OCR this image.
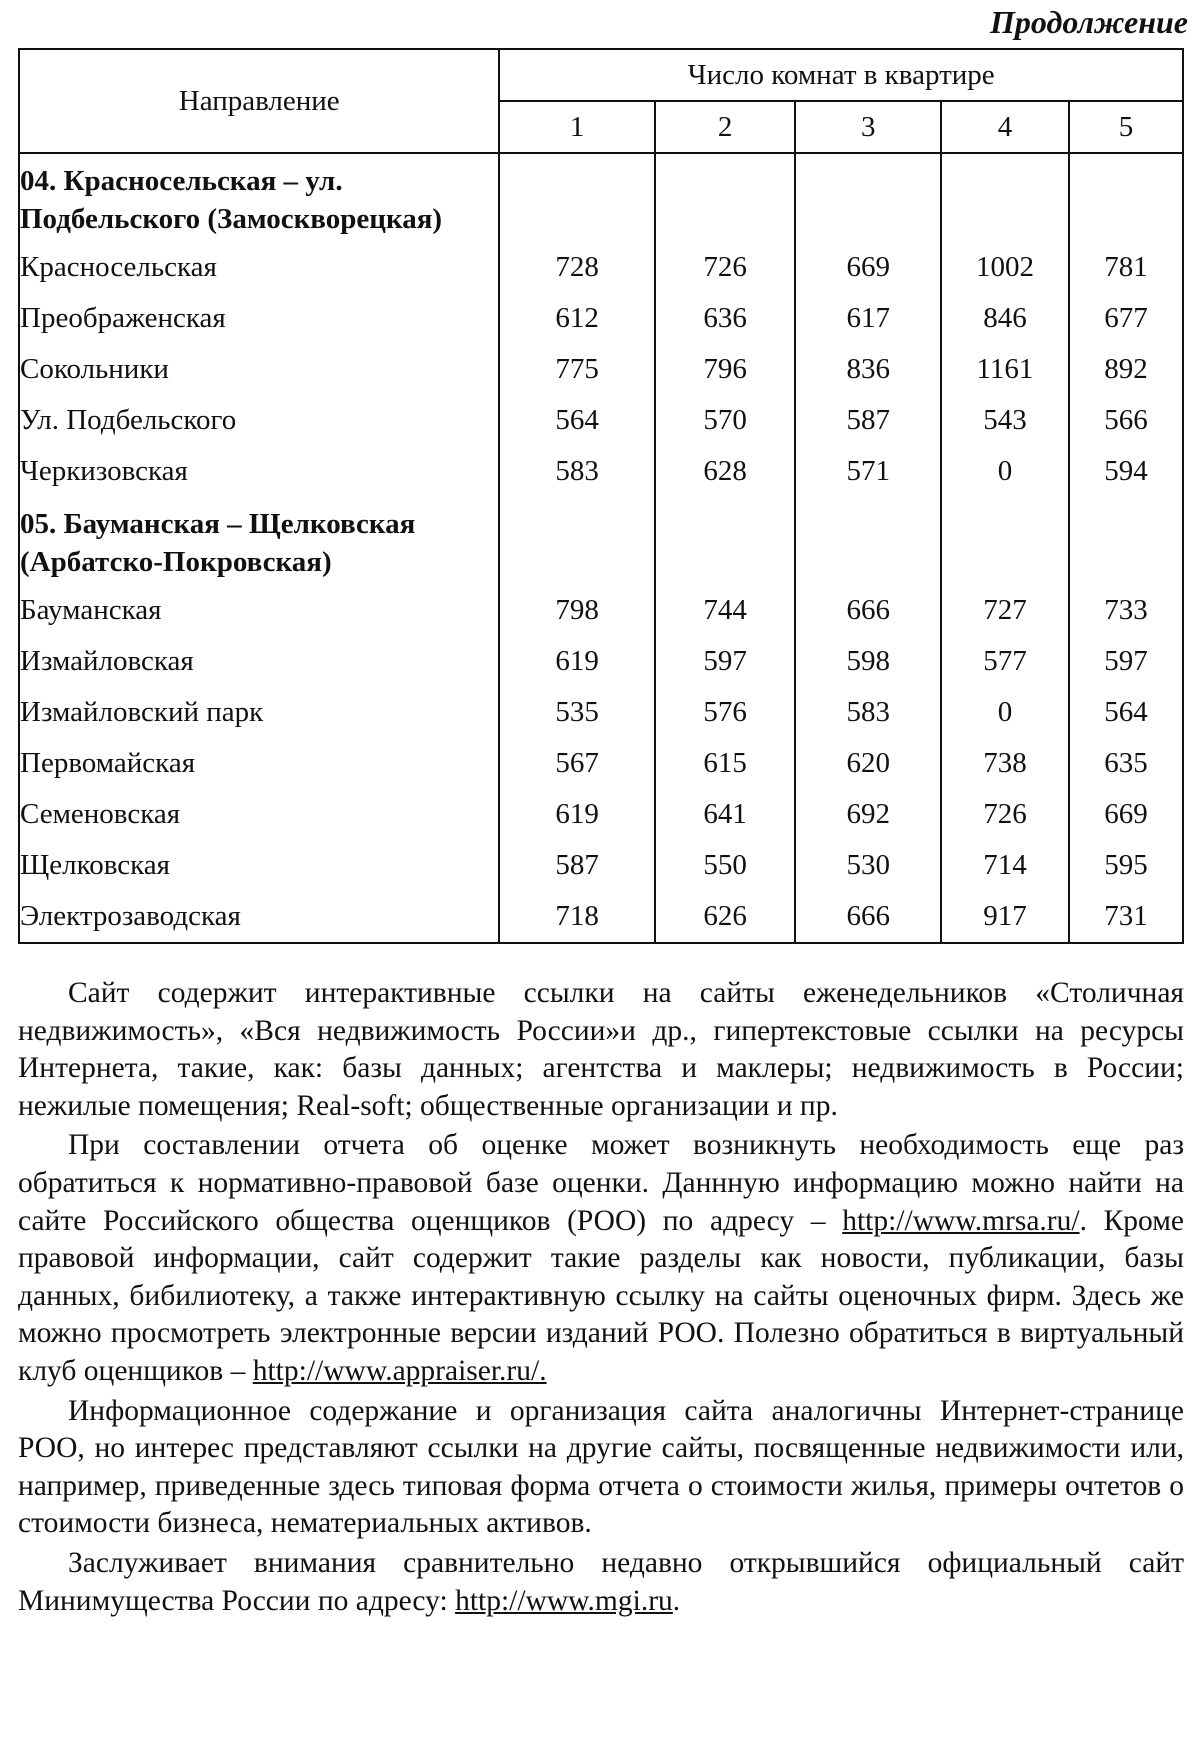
Продолжение
Направление	Число комнат в квартире				
	1	2	3	4	5
04. Красносельская – ул. Подбельского (Замоскворецкая)					
Красносельская	728	726	669	1002	781
Преображенская	612	636	617	846	677
Сокольники	775	796	836	1161	892
Ул. Подбельского	564	570	587	543	566
Черкизовская	583	628	571	0	594
05. Бауманская – Щелковская (Арбатско-Покровская)					
Бауманская	798	744	666	727	733
Измайловская	619	597	598	577	597
Измайловский парк	535	576	583	0	564
Первомайская	567	615	620	738	635
Семеновская	619	641	692	726	669
Щелковская	587	550	530	714	595
Электрозаводская	718	626	666	917	731

Сайт содержит интерактивные ссылки на сайты еженедельников «Столичная недвижимость», «Вся недвижимость России»и др., гипертекстовые ссылки на ресурсы Интернета, такие, как: базы данных; агентства и маклеры; недвижимость в России; нежилые помещения; Real-soft; общественные организации и пр.

При составлении отчета об оценке может возникнуть необходимость еще раз обратиться к нормативно-правовой базе оценки. Даннную информацию можно найти на сайте Российского общества оценщиков (РОО) по адресу – http://www.mrsa.ru/. Кроме правовой информации, сайт содержит такие разделы как новости, публикации, базы данных, бибилиотеку, а также интерактивную ссылку на сайты оценочных фирм. Здесь же можно просмотреть электронные версии изданий РОО. Полезно обратиться в виртуальный клуб оценщиков – http://www.appraiser.ru/.

Информационное содержание и организация сайта аналогичны Интернет-странице РОО, но интерес представляют ссылки на другие сайты, посвященные недвижимости или, например, приведенные здесь типовая форма отчета о стоимости жилья, примеры очтетов о стоимости бизнеса, нематериальных активов.

Заслуживает внимания сравнительно недавно открывшийся официальный сайт Минимущества России по адресу: http://www.mgi.ru.
